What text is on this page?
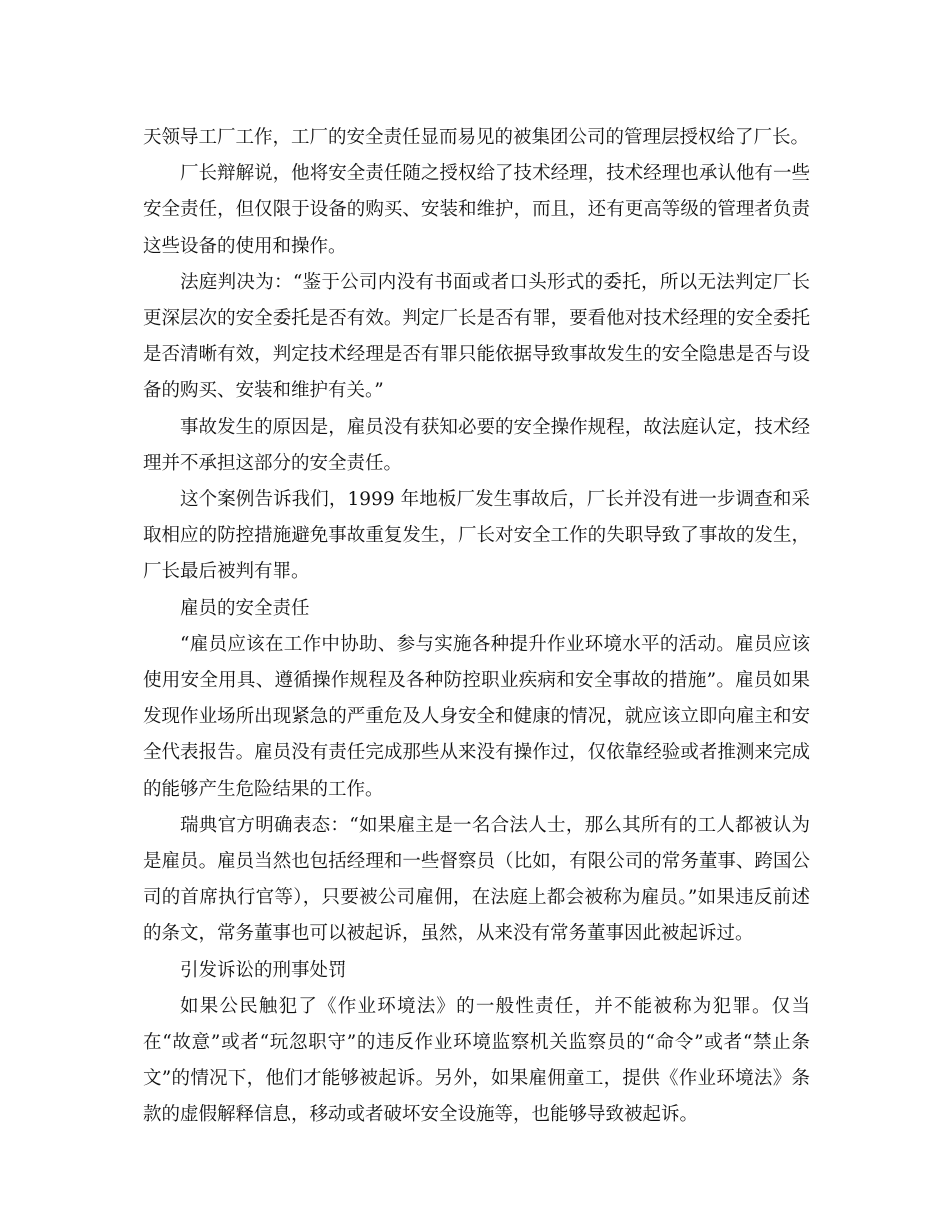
天领导工厂工作，工厂的安全责任显而易见的被集团公司的管理层授权给了厂长。

厂长辩解说，他将安全责任随之授权给了技术经理，技术经理也承认他有一些安全责任，但仅限于设备的购买、安装和维护，而且，还有更高等级的管理者负责这些设备的使用和操作。

法庭判决为：“鉴于公司内没有书面或者口头形式的委托，所以无法判定厂长更深层次的安全委托是否有效。判定厂长是否有罪，要看他对技术经理的安全委托是否清晰有效，判定技术经理是否有罪只能依据导致事故发生的安全隐患是否与设备的购买、安装和维护有关。”

事故发生的原因是，雇员没有获知必要的安全操作规程，故法庭认定，技术经理并不承担这部分的安全责任。

这个案例告诉我们，1999 年地板厂发生事故后，厂长并没有进一步调查和采取相应的防控措施避免事故重复发生，厂长对安全工作的失职导致了事故的发生，厂长最后被判有罪。

雇员的安全责任

“雇员应该在工作中协助、参与实施各种提升作业环境水平的活动。雇员应该使用安全用具、遵循操作规程及各种防控职业疾病和安全事故的措施”。雇员如果发现作业场所出现紧急的严重危及人身安全和健康的情况，就应该立即向雇主和安全代表报告。雇员没有责任完成那些从来没有操作过，仅依靠经验或者推测来完成的能够产生危险结果的工作。

瑞典官方明确表态：“如果雇主是一名合法人士，那么其所有的工人都被认为是雇员。雇员当然也包括经理和一些督察员（比如，有限公司的常务董事、跨国公司的首席执行官等），只要被公司雇佣，在法庭上都会被称为雇员。”如果违反前述的条文，常务董事也可以被起诉，虽然，从来没有常务董事因此被起诉过。

引发诉讼的刑事处罚

如果公民触犯了《作业环境法》的一般性责任，并不能被称为犯罪。仅当在“故意”或者“玩忽职守”的违反作业环境监察机关监察员的“命令”或者“禁止条文”的情况下，他们才能够被起诉。另外，如果雇佣童工，提供《作业环境法》条款的虚假解释信息，移动或者破坏安全设施等，也能够导致被起诉。
